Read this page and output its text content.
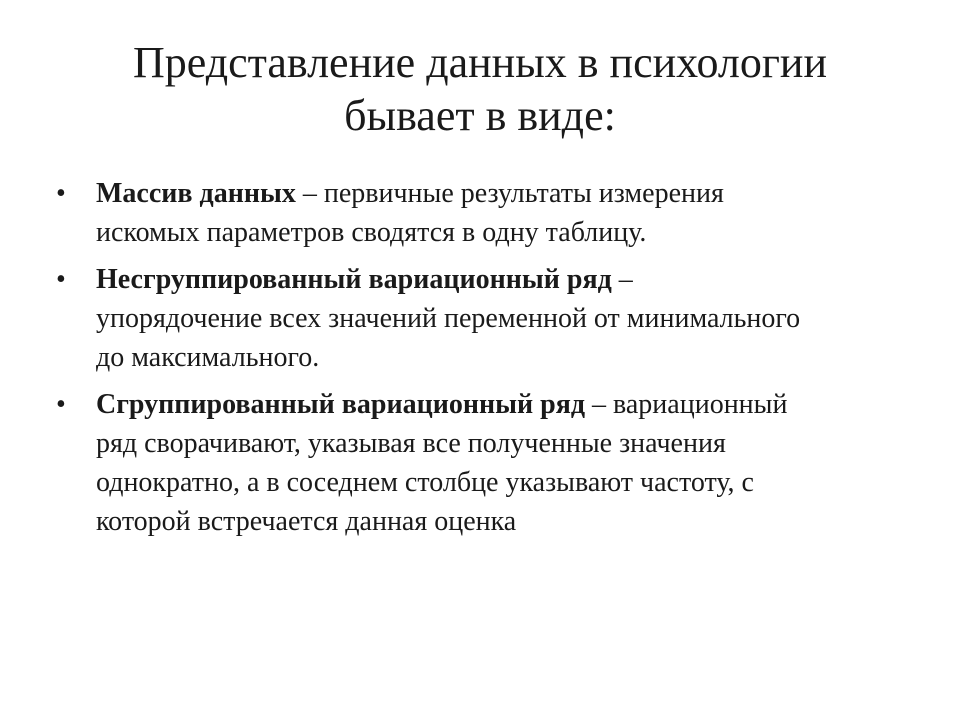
Представление данных в психологии
бывает в виде:
• Массив данных – первичные результаты измерения
искомых параметров сводятся в одну таблицу.
• Несгруппированный вариационный ряд –
упорядочение всех значений переменной от минимального
до максимального.
• Сгруппированный вариационный ряд – вариационный
ряд сворачивают, указывая все полученные значения
однократно, а в соседнем столбце указывают частоту, с
которой встречается данная оценка
